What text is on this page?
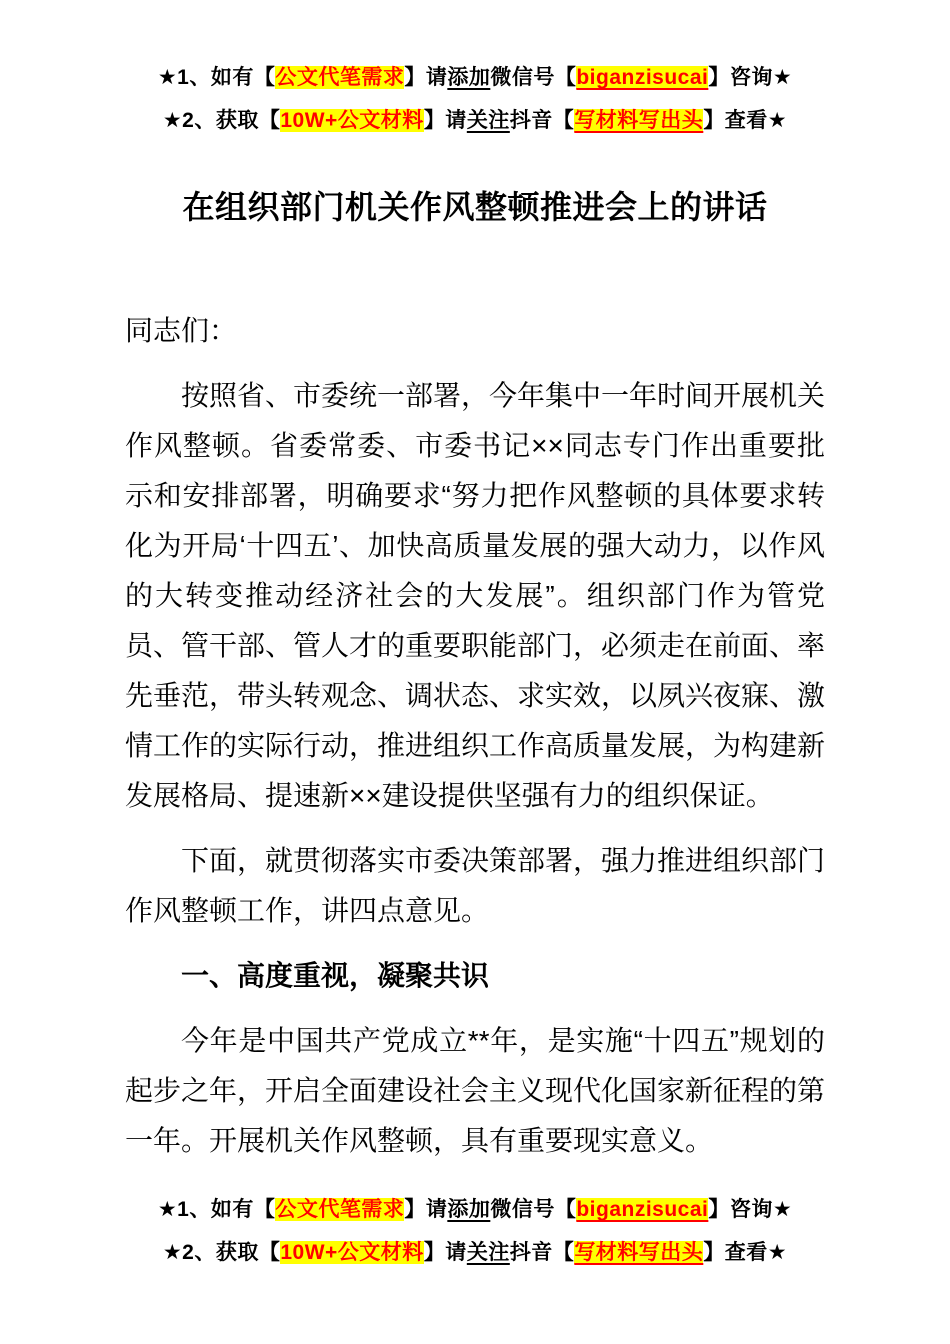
★1、如有【公文代笔需求】请添加微信号【biganzisucai】咨询★

★2、获取【10W+公文材料】请关注抖音【写材料写出头】查看★

在组织部门机关作风整顿推进会上的讲话

同志们：

按照省、市委统一部署，今年集中一年时间开展机关作风整顿。省委常委、市委书记××同志专门作出重要批示和安排部署，明确要求“努力把作风整顿的具体要求转化为开局‘十四五’、加快高质量发展的强大动力，以作风的大转变推动经济社会的大发展”。组织部门作为管党员、管干部、管人才的重要职能部门，必须走在前面、率先垂范，带头转观念、调状态、求实效，以夙兴夜寐、激情工作的实际行动，推进组织工作高质量发展，为构建新发展格局、提速新××建设提供坚强有力的组织保证。

下面，就贯彻落实市委决策部署，强力推进组织部门作风整顿工作，讲四点意见。

一、高度重视，凝聚共识

今年是中国共产党成立**年，是实施“十四五”规划的起步之年，开启全面建设社会主义现代化国家新征程的第一年。开展机关作风整顿，具有重要现实意义。

★1、如有【公文代笔需求】请添加微信号【biganzisucai】咨询★

★2、获取【10W+公文材料】请关注抖音【写材料写出头】查看★
